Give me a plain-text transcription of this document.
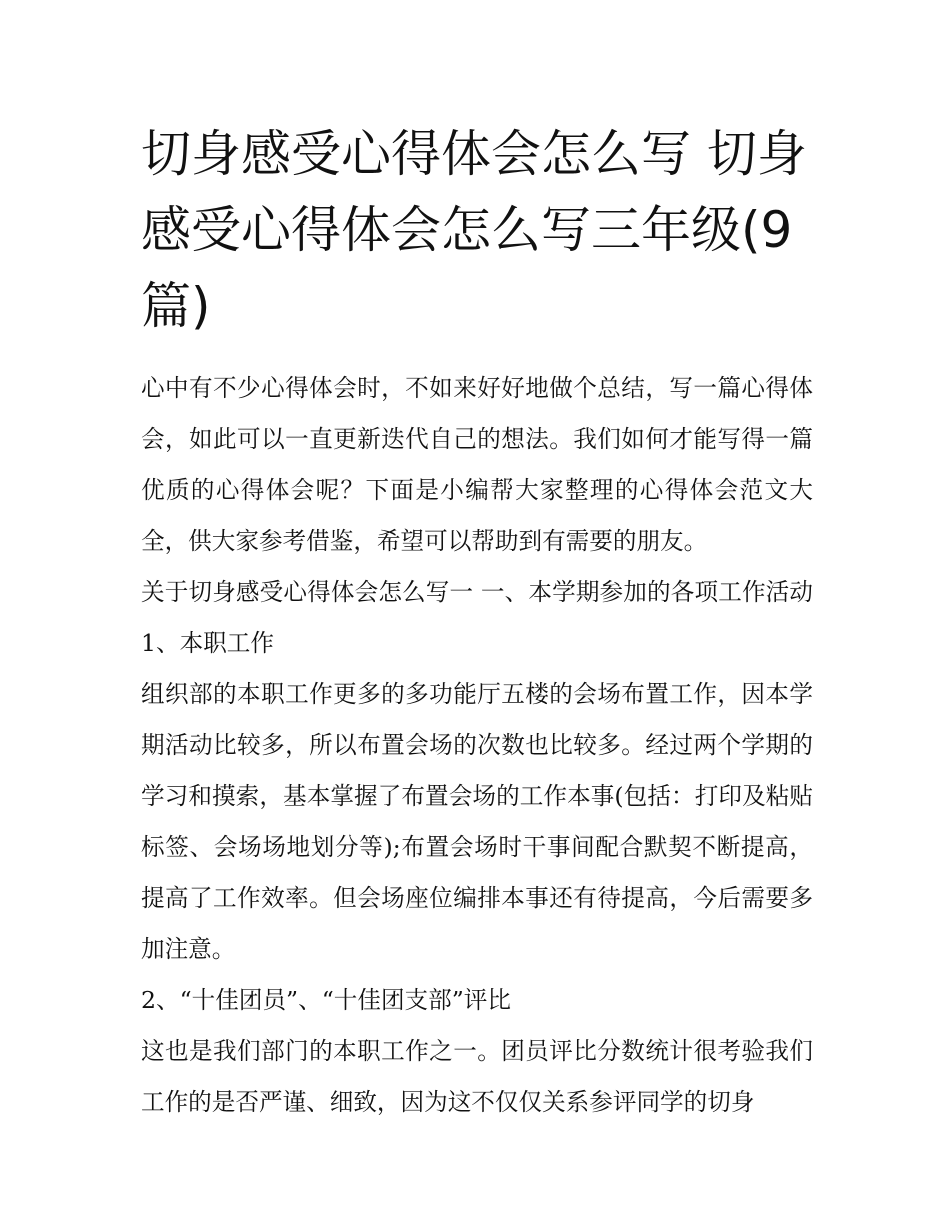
切身感受心得体会怎么写 切身感受心得体会怎么写三年级(9篇)

心中有不少心得体会时，不如来好好地做个总结，写一篇心得体会，如此可以一直更新迭代自己的想法。我们如何才能写得一篇优质的心得体会呢？下面是小编帮大家整理的心得体会范文大全，供大家参考借鉴，希望可以帮助到有需要的朋友。

关于切身感受心得体会怎么写一 一、本学期参加的各项工作活动 1、本职工作

组织部的本职工作更多的多功能厅五楼的会场布置工作，因本学期活动比较多，所以布置会场的次数也比较多。经过两个学期的学习和摸索，基本掌握了布置会场的工作本事(包括：打印及粘贴标签、会场场地划分等);布置会场时干事间配合默契不断提高，提高了工作效率。但会场座位编排本事还有待提高，今后需要多加注意。

2、“十佳团员”、“十佳团支部”评比

这也是我们部门的本职工作之一。团员评比分数统计很考验我们工作的是否严谨、细致，因为这不仅仅关系参评同学的切身
